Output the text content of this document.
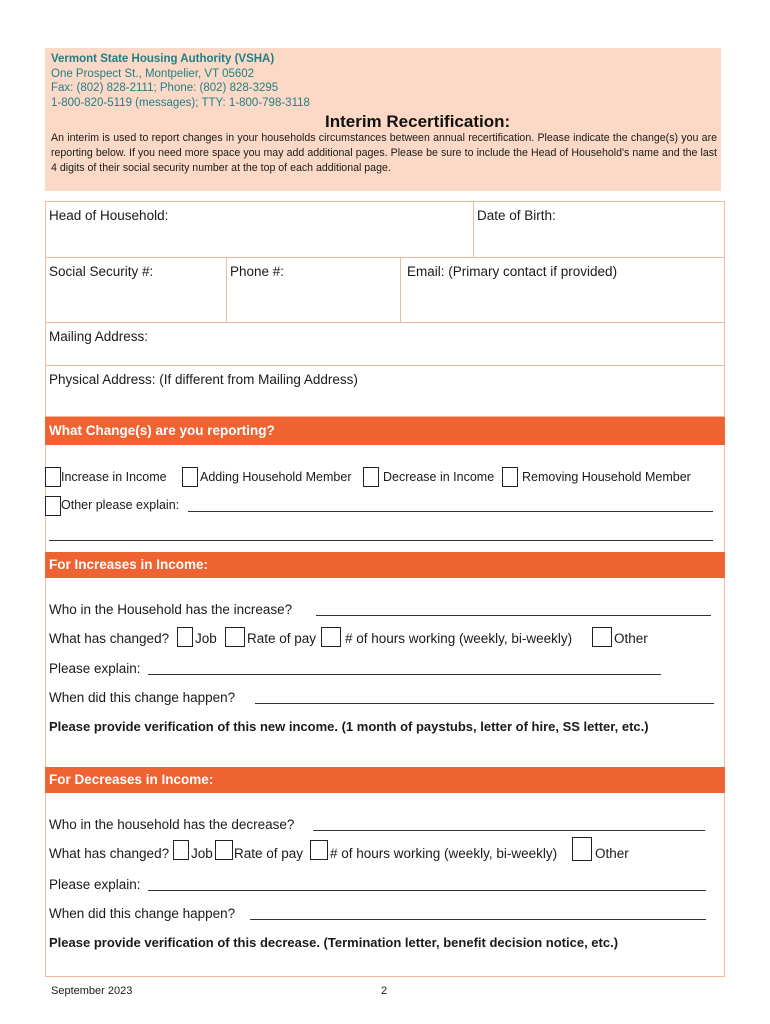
Vermont State Housing Authority (VSHA)
One Prospect St., Montpelier, VT 05602
Fax: (802) 828-2111; Phone: (802) 828-3295
1-800-820-5119 (messages); TTY: 1-800-798-3118
Interim Recertification:
An interim is used to report changes in your households circumstances between annual recertification. Please indicate the change(s) you are reporting below. If you need more space you may add additional pages. Please be sure to include the Head of Household's name and the last 4 digits of their social security number at the top of each additional page.
Head of Household:	Date of Birth:
Social Security #:	Phone #:	Email: (Primary contact if provided)
Mailing Address:
Physical Address: (If different from Mailing Address)
What Change(s) are you reporting?
Increase in Income	Adding Household Member	Decrease in Income Removing Household Member
Other please explain:
For Increases in Income:
Who in the Household has the increase?
What has changed? Job Rate of pay # of hours working (weekly, bi-weekly)	Other
Please explain:
When did this change happen?
Please provide verification of this new income. (1 month of paystubs, letter of hire, SS letter, etc.)
For Decreases in Income:
Who in the household has the decrease?
What has changed? Job Rate of pay # of hours working (weekly, bi-weekly)	Other
Please explain:
When did this change happen?
Please provide verification of this decrease. (Termination letter, benefit decision notice, etc.)
September 2023	2
